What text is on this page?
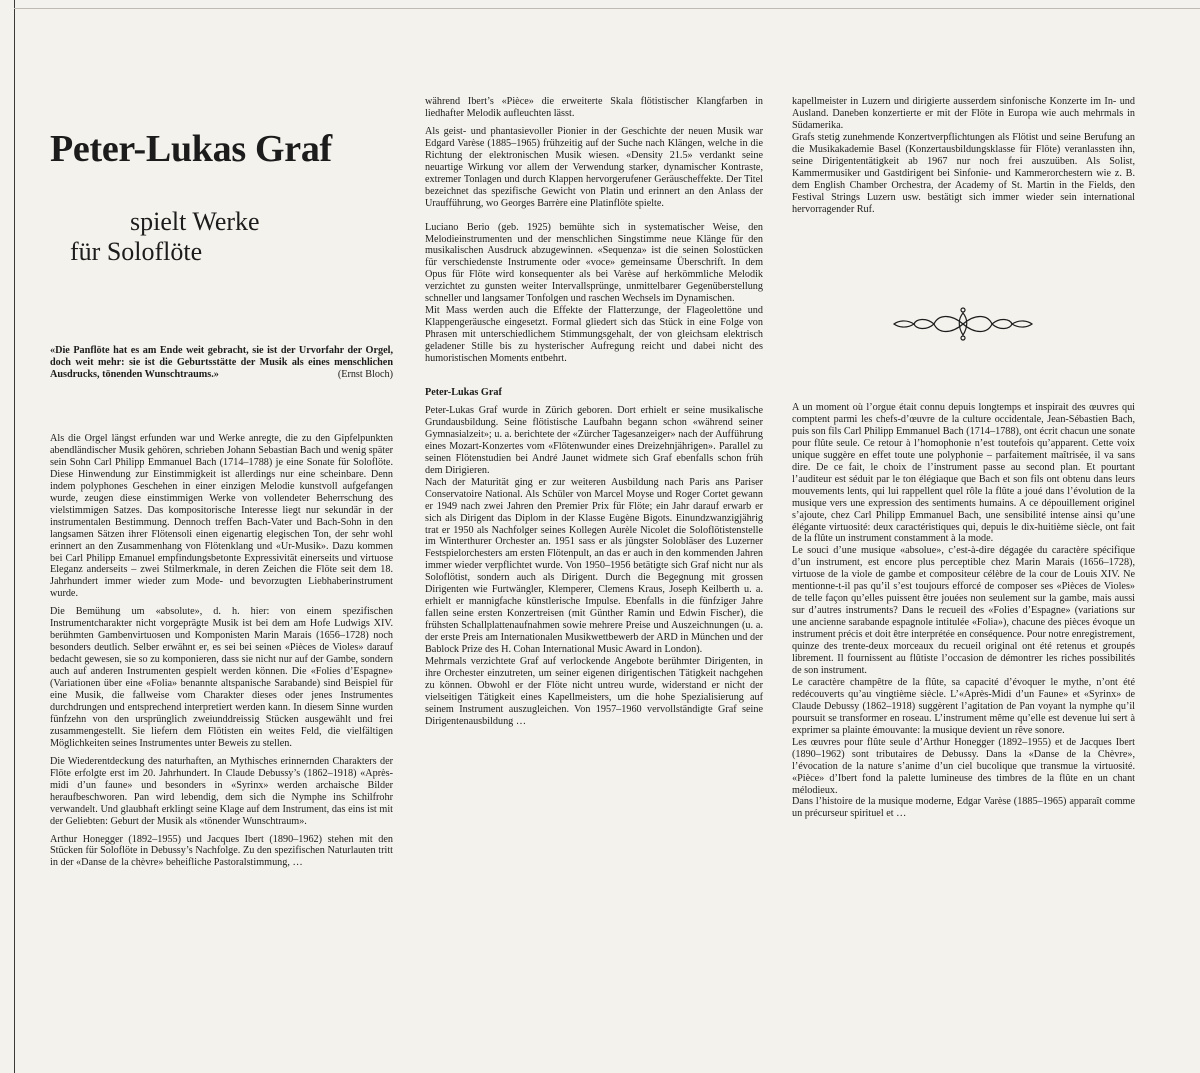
Peter-Lukas Graf
spielt Werke
für Soloflöte
«Die Panflöte hat es am Ende weit gebracht, sie ist der Urvorfahr der Orgel, doch weit mehr: sie ist die Geburtsstätte der Musik als eines menschlichen Ausdrucks, tönenden Wunschtraums.»	(Ernst Bloch)

Als die Orgel längst erfunden war und Werke anregte, die zu den Gipfelpunkten abendländischer Musik gehören, schrieben Johann Sebastian Bach und wenig später sein Sohn Carl Philipp Emmanuel Bach (1714–1788) je eine Sonate für Soloflöte. Diese Hinwendung zur Einstimmigkeit ist allerdings nur eine scheinbare. Denn indem polyphones Geschehen in einer einzigen Melodie kunstvoll aufgefangen wurde, zeugen diese einstimmigen Werke von vollendeter Beherrschung des vielstimmigen Satzes. Das kompositorische Interesse liegt nur sekundär in der instrumentalen Bestimmung. Dennoch treffen Bach-Vater und Bach-Sohn in den langsamen Sätzen ihrer Flötensoli einen eigenartig elegischen Ton, der sehr wohl erinnert an den Zusammenhang von Flötenklang und «Ur-Musik». Dazu kommen bei Carl Philipp Emanuel empfindungsbetonte Expressivität einerseits und virtuose Eleganz anderseits – zwei Stilmerkmale, in deren Zeichen die Flöte seit dem 18. Jahrhundert immer wieder zum Mode- und bevorzugten Liebhaberinstrument wurde.

Die Bemühung um «absolute», d. h. hier: von einem spezifischen Instrumentcharakter nicht vorgeprägte Musik ist bei dem am Hofe Ludwigs XIV. berühmten Gambenvirtuosen und Komponisten Marin Marais (1656–1728) noch besonders deutlich. Selber erwähnt er, es sei bei seinen «Pièces de Violes» darauf bedacht gewesen, sie so zu komponieren, dass sie nicht nur auf der Gambe, sondern auch auf anderen Instrumenten gespielt werden können. Die «Folies d’Espagne» (Variationen über eine «Folia» benannte altspanische Sarabande) sind Beispiel für eine Musik, die fallweise vom Charakter dieses oder jenes Instrumentes durchdrungen und entsprechend interpretiert werden kann. In diesem Sinne wurden fünfzehn von den ursprünglich zweiunddreissig Stücken ausgewählt und frei zusammengestellt. Sie liefern dem Flötisten ein weites Feld, die vielfältigen Möglichkeiten seines Instrumentes unter Beweis zu stellen.

Die Wiederentdeckung des naturhaften, an Mythisches erinnernden Charakters der Flöte erfolgte erst im 20. Jahrhundert. In Claude Debussy’s (1862–1918) «Après-midi d’un faune» und besonders in «Syrinx» werden archaische Bilder heraufbeschworen. Pan wird lebendig, dem sich die Nymphe ins Schilfrohr verwandelt. Und glaubhaft erklingt seine Klage auf dem Instrument, das eins ist mit der Geliebten: Geburt der Musik als «tönender Wunschtraum».

Arthur Honegger (1892–1955) und Jacques Ibert (1890–1962) stehen mit den Stücken für Soloflöte in Debussy’s Nachfolge. Zu den spezifischen Naturlauten tritt in der «Danse de la chèvre» beheifliche Pastoralstimmung, …

während Ibert’s «Pièce» die erweiterte Skala flötistischer Klangfarben in liedhafter Melodik aufleuchten lässt.

Als geist- und phantasievoller Pionier in der Geschichte der neuen Musik war Edgard Varèse (1885–1965) frühzeitig auf der Suche nach Klängen, welche in die Richtung der elektronischen Musik wiesen. «Density 21.5» verdankt seine neuartige Wirkung vor allem der Verwendung starker, dynamischer Kontraste, extremer Tonlagen und durch Klappen hervorgerufener Geräuscheffekte. Der Titel bezeichnet das spezifische Gewicht von Platin und erinnert an den Anlass der Uraufführung, wo Georges Barrère eine Platinflöte spielte.

Luciano Berio (geb. 1925) bemühte sich in systematischer Weise, den Melodieinstrumenten und der menschlichen Singstimme neue Klänge für den musikalischen Ausdruck abzugewinnen. «Sequenza» ist die seinen Solostücken für verschiedenste Instrumente oder «voce» gemeinsame Überschrift. In dem Opus für Flöte wird konsequenter als bei Varèse auf herkömmliche Melodik verzichtet zu gunsten weiter Intervallsprünge, unmittelbarer Gegenüberstellung schneller und langsamer Tonfolgen und raschen Wechsels im Dynamischen.

Mit Mass werden auch die Effekte der Flatterzunge, der Flageolettöne und Klappengeräusche eingesetzt. Formal gliedert sich das Stück in eine Folge von Phrasen mit unterschiedlichem Stimmungsgehalt, der von gleichsam elektrisch geladener Stille bis zu hysterischer Aufregung reicht und dabei nicht des humoristischen Moments entbehrt.

Peter-Lukas Graf

Peter-Lukas Graf wurde in Zürich geboren. Dort erhielt er seine musikalische Grundausbildung. Seine flötistische Laufbahn begann schon «während seiner Gymnasialzeit»; u. a. berichtete der «Zürcher Tagesanzeiger» nach der Aufführung eines Mozart-Konzertes vom «Flötenwunder eines Dreizehnjährigen». Parallel zu seinen Flötenstudien bei André Jaunet widmete sich Graf ebenfalls schon früh dem Dirigieren.

Nach der Maturität ging er zur weiteren Ausbildung nach Paris ans Pariser Conservatoire National. Als Schüler von Marcel Moyse und Roger Cortet gewann er 1949 nach zwei Jahren den Premier Prix für Flöte; ein Jahr darauf erwarb er sich als Dirigent das Diplom in der Klasse Eugène Bigots. Einundzwanzigjährig trat er 1950 als Nachfolger seines Kollegen Aurèle Nicolet die Soloflötistenstelle im Winterthurer Orchester an. 1951 sass er als jüngster Solobläser des Luzerner Festspielorchesters am ersten Flötenpult, an das er auch in den kommenden Jahren immer wieder verpflichtet wurde. Von 1950–1956 betätigte sich Graf nicht nur als Soloflötist, sondern auch als Dirigent. Durch die Begegnung mit grossen Dirigenten wie Furtwängler, Klemperer, Clemens Kraus, Joseph Keilberth u. a. erhielt er mannigfache künstlerische Impulse. Ebenfalls in die fünfziger Jahre fallen seine ersten Konzertreisen (mit Günther Ramin und Edwin Fischer), die frühsten Schallplattenaufnahmen sowie mehrere Preise und Auszeichnungen (u. a. der erste Preis am Internationalen Musikwettbewerb der ARD in München und der Bablock Prize des H. Cohan International Music Award in London).

Mehrmals verzichtete Graf auf verlockende Angebote berühmter Dirigenten, in ihre Orchester einzutreten, um seiner eigenen dirigentischen Tätigkeit nachgehen zu können. Obwohl er der Flöte nicht untreu wurde, widerstand er nicht der vielseitigen Tätigkeit eines Kapellmeisters, um die hohe Spezialisierung auf seinem Instrument auszugleichen. Von 1957–1960 vervollständigte Graf seine Dirigentenausbildung …

kapellmeister in Luzern und dirigierte ausserdem sinfonische Konzerte im In- und Ausland. Daneben konzertierte er mit der Flöte in Europa wie auch mehrmals in Südamerika.

Grafs stetig zunehmende Konzertverpflichtungen als Flötist und seine Berufung an die Musikakademie Basel (Konzertausbildungsklasse für Flöte) veranlassten ihn, seine Dirigententätigkeit ab 1967 nur noch frei auszuüben. Als Solist, Kammermusiker und Gastdirigent bei Sinfonie- und Kammerorchestern wie z. B. dem English Chamber Orchestra, der Academy of St. Martin in the Fields, den Festival Strings Luzern usw. bestätigt sich immer wieder sein international hervorragender Ruf.

A un moment où l’orgue était connu depuis longtemps et inspirait des œuvres qui comptent parmi les chefs-d’œuvre de la culture occidentale, Jean-Sébastien Bach, puis son fils Carl Philipp Emmanuel Bach (1714–1788), ont écrit chacun une sonate pour flûte seule. Ce retour à l’homophonie n’est toutefois qu’apparent. Cette voix unique suggère en effet toute une polyphonie – parfaitement maîtrisée, il va sans dire. De ce fait, le choix de l’instrument passe au second plan. Et pourtant l’auditeur est séduit par le ton élégiaque que Bach et son fils ont obtenu dans leurs mouvements lents, qui lui rappellent quel rôle la flûte a joué dans l’évolution de la musique vers une expression des sentiments humains. A ce dépouillement originel s’ajoute, chez Carl Philipp Emmanuel Bach, une sensibilité intense ainsi qu’une élégante virtuosité: deux caractéristiques qui, depuis le dix-huitième siècle, ont fait de la flûte un instrument constamment à la mode.

Le souci d’une musique «absolue», c’est-à-dire dégagée du caractère spécifique d’un instrument, est encore plus perceptible chez Marin Marais (1656–1728), virtuose de la viole de gambe et compositeur célèbre de la cour de Louis XIV. Ne mentionne-t-il pas qu’il s’est toujours efforcé de composer ses «Pièces de Violes» de telle façon qu’elles puissent être jouées non seulement sur la gambe, mais aussi sur d’autres instruments? Dans le recueil des «Folies d’Espagne» (variations sur une ancienne sarabande espagnole intitulée «Folia»), chacune des pièces évoque un instrument précis et doit être interprétée en conséquence. Pour notre enregistrement, quinze des trente-deux morceaux du recueil original ont été retenus et groupés librement. Il fournissent au flûtiste l’occasion de démontrer les riches possibilités de son instrument.

Le caractère champêtre de la flûte, sa capacité d’évoquer le mythe, n’ont été redécouverts qu’au vingtième siècle. L’«Après-Midi d’un Faune» et «Syrinx» de Claude Debussy (1862–1918) suggèrent l’agitation de Pan voyant la nymphe qu’il poursuit se transformer en roseau. L’instrument même qu’elle est devenue lui sert à exprimer sa plainte émouvante: la musique devient un rêve sonore.

Les œuvres pour flûte seule d’Arthur Honegger (1892–1955) et de Jacques Ibert (1890–1962) sont tributaires de Debussy. Dans la «Danse de la Chèvre», l’évocation de la nature s’anime d’un ciel bucolique que transmue la virtuosité. «Pièce» d’Ibert fond la palette lumineuse des timbres de la flûte en un chant mélodieux.

Dans l’histoire de la musique moderne, Edgar Varèse (1885–1965) apparaît comme un précurseur spirituel et …
